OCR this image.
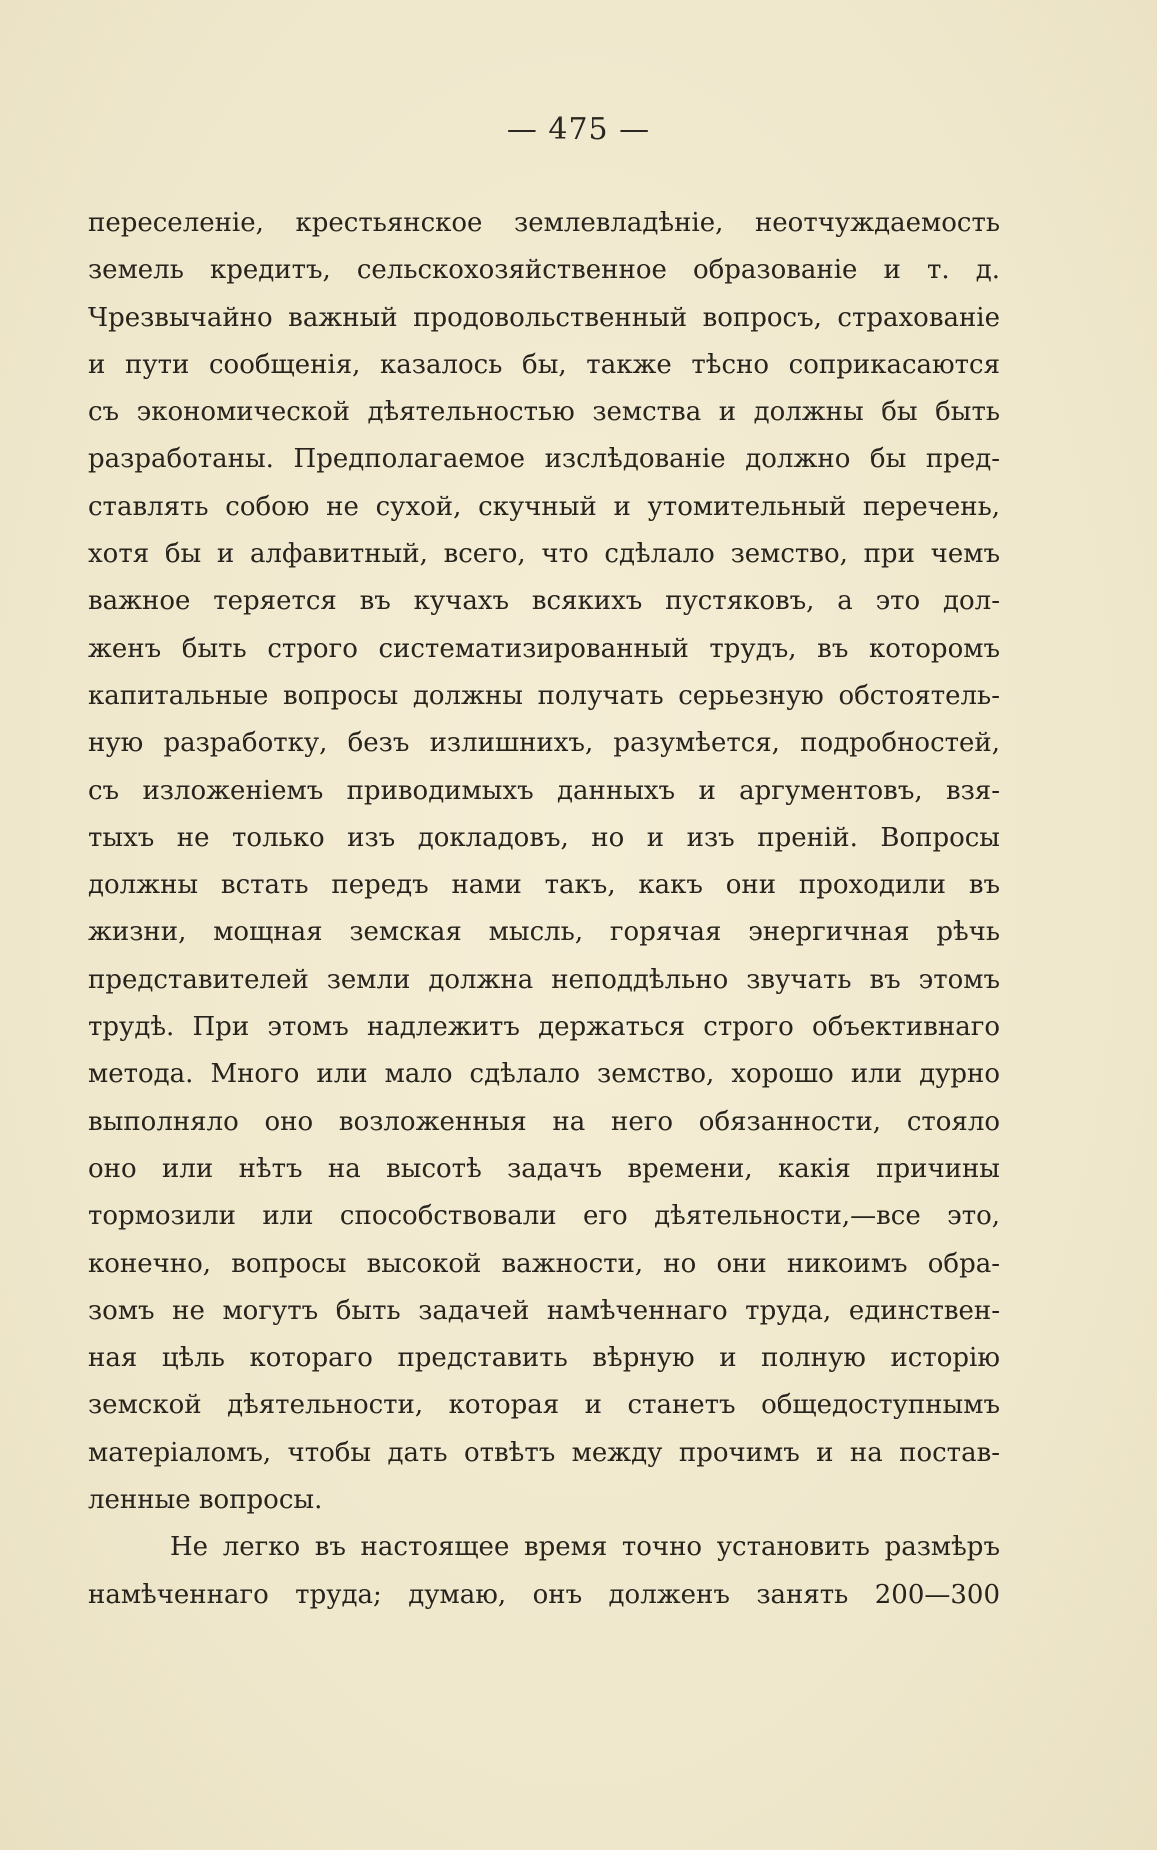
— 475 —
переселеніе, крестьянское землевладѣніе, неотчуждаемость
земель кредитъ, сельскохозяйственное образованіе и т. д.
Чрезвычайно важный продовольственный вопросъ, страхованіе
и пути сообщенія, казалось бы, также тѣсно соприкасаются
съ экономической дѣятельностью земства и должны бы быть
разработаны. Предполагаемое изслѣдованіе должно бы пред-
ставлять собою не сухой, скучный и утомительный перечень,
хотя бы и алфавитный, всего, что сдѣлало земство, при чемъ
важное теряется въ кучахъ всякихъ пустяковъ, а это дол-
женъ быть строго систематизированный трудъ, въ которомъ
капитальные вопросы должны получать серьезную обстоятель-
ную разработку, безъ излишнихъ, разумѣется, подробностей,
съ изложеніемъ приводимыхъ данныхъ и аргументовъ, взя-
тыхъ не только изъ докладовъ, но и изъ преній. Вопросы
должны встать передъ нами такъ, какъ они проходили въ
жизни, мощная земская мысль, горячая энергичная рѣчь
представителей земли должна неподдѣльно звучать въ этомъ
трудѣ. При этомъ надлежитъ держаться строго объективнаго
метода. Много или мало сдѣлало земство, хорошо или дурно
выполняло оно возложенныя на него обязанности, стояло
оно или нѣтъ на высотѣ задачъ времени, какія причины
тормозили или способствовали его дѣятельности,—все это,
конечно, вопросы высокой важности, но они никоимъ обра-
зомъ не могутъ быть задачей намѣченнаго труда, единствен-
ная цѣль котораго представить вѣрную и полную исторію
земской дѣятельности, которая и станетъ общедоступнымъ
матеріаломъ, чтобы дать отвѣтъ между прочимъ и на постав-
ленные вопросы.
Не легко въ настоящее время точно установить размѣръ
намѣченнаго труда; думаю, онъ долженъ занять 200—300
